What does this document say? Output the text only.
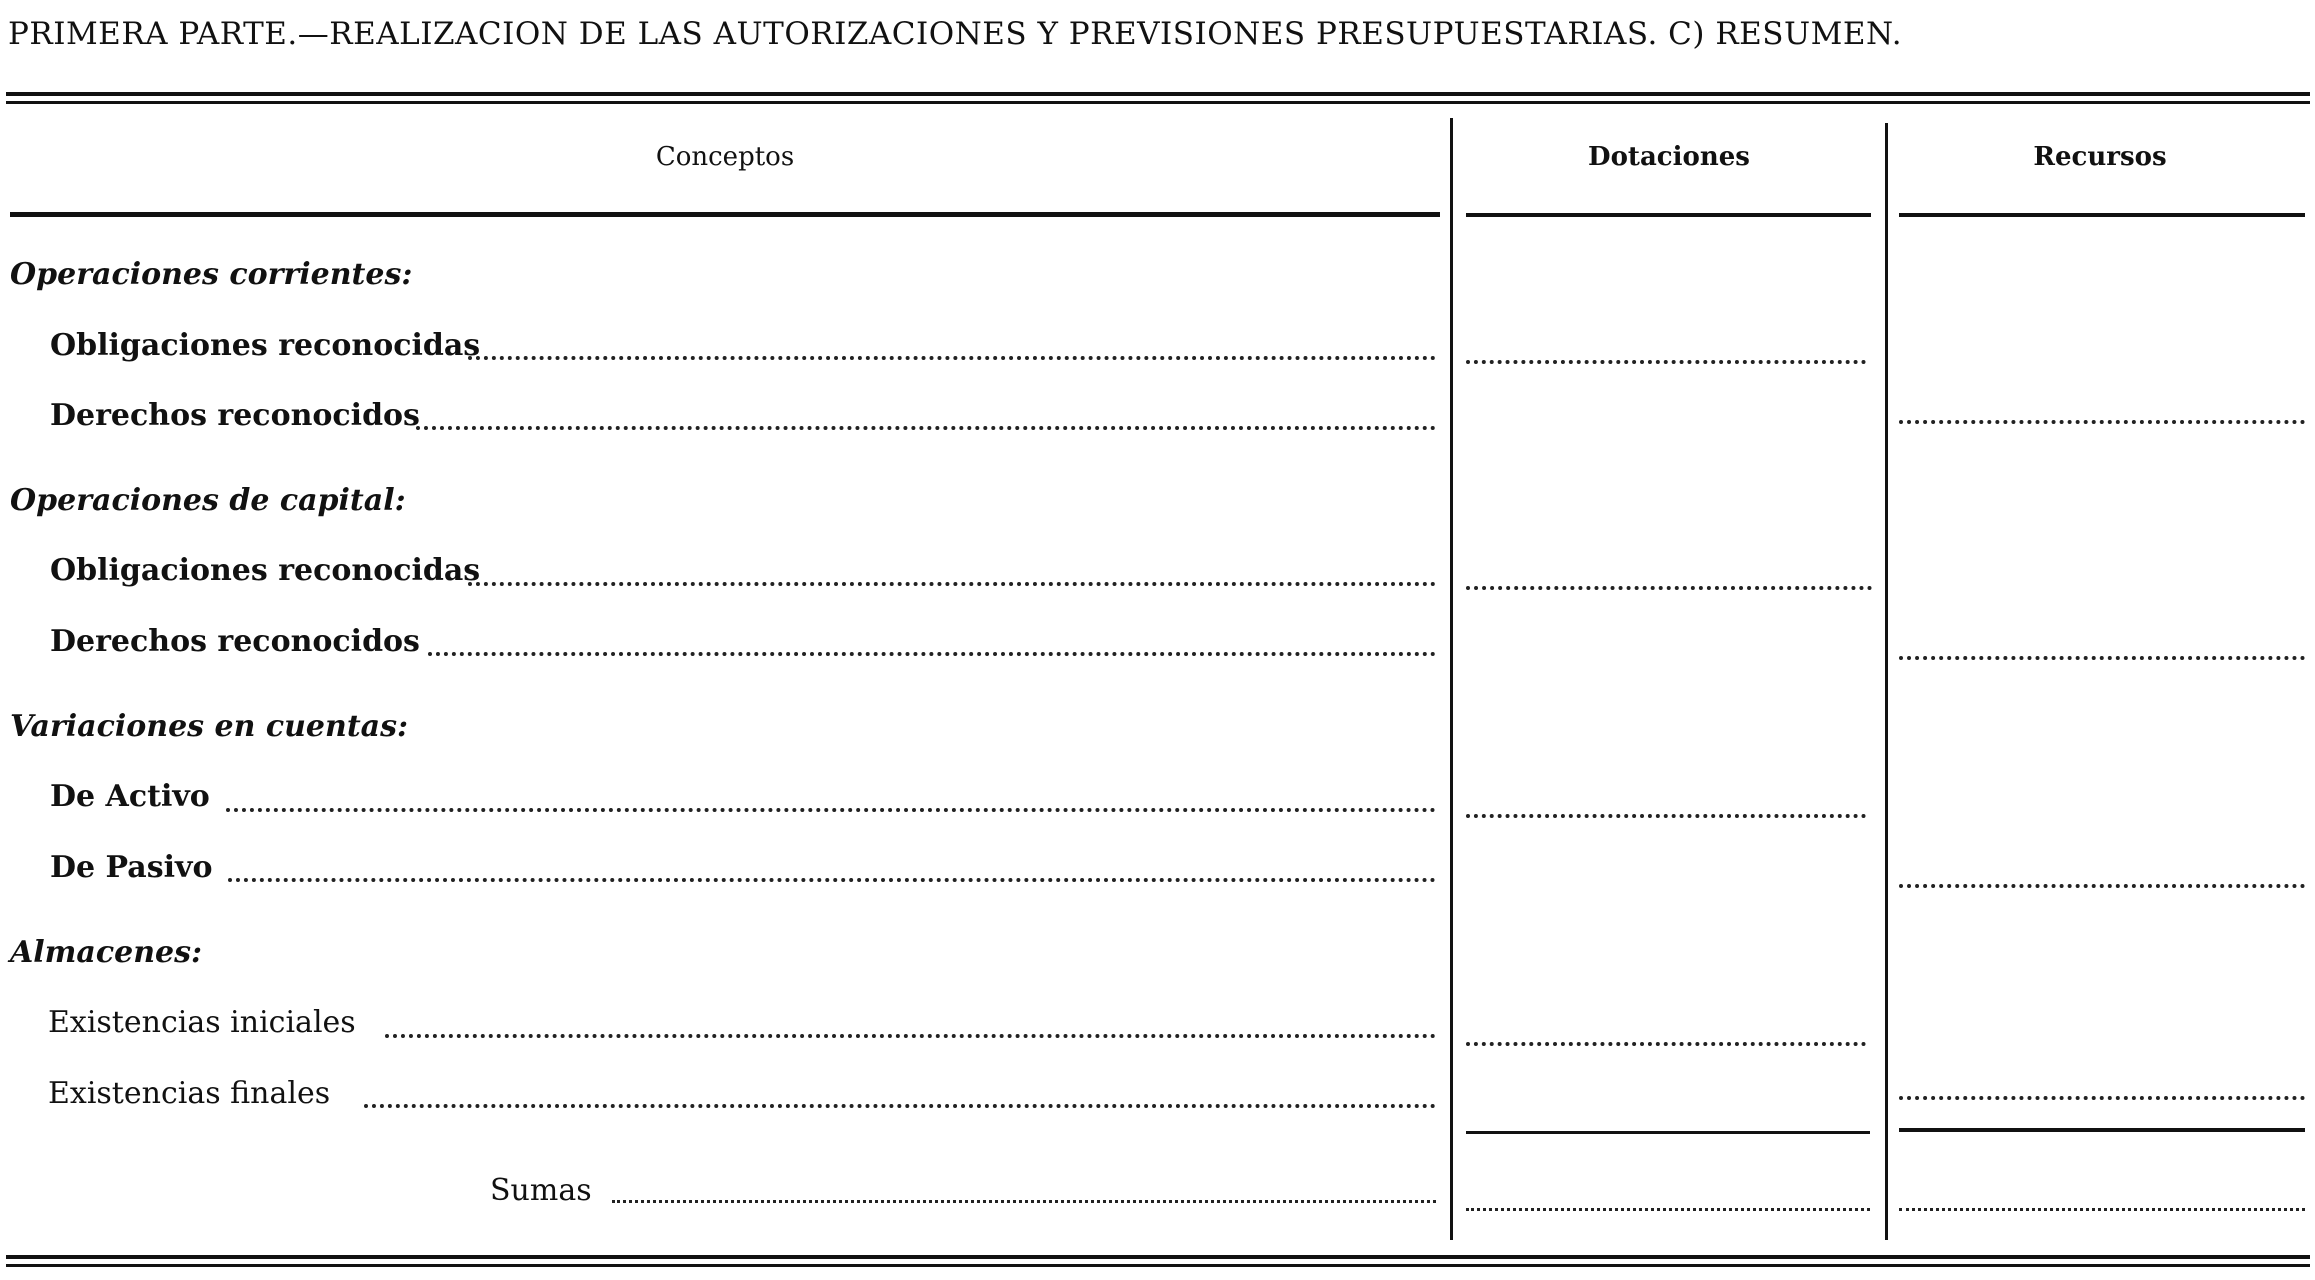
PRIMERA PARTE.—REALIZACION DE LAS AUTORIZACIONES Y PREVISIONES PRESUPUESTARIAS. C) RESUMEN.
Conceptos	Dotaciones	Recursos
Operaciones corrientes:
Obligaciones reconocidas
Derechos reconocidos
Operaciones de capital:
Obligaciones reconocidas
Derechos reconocidos
Variaciones en cuentas:
De Activo
De Pasivo
Almacenes:
Existencias iniciales
Existencias finales
Sumas
